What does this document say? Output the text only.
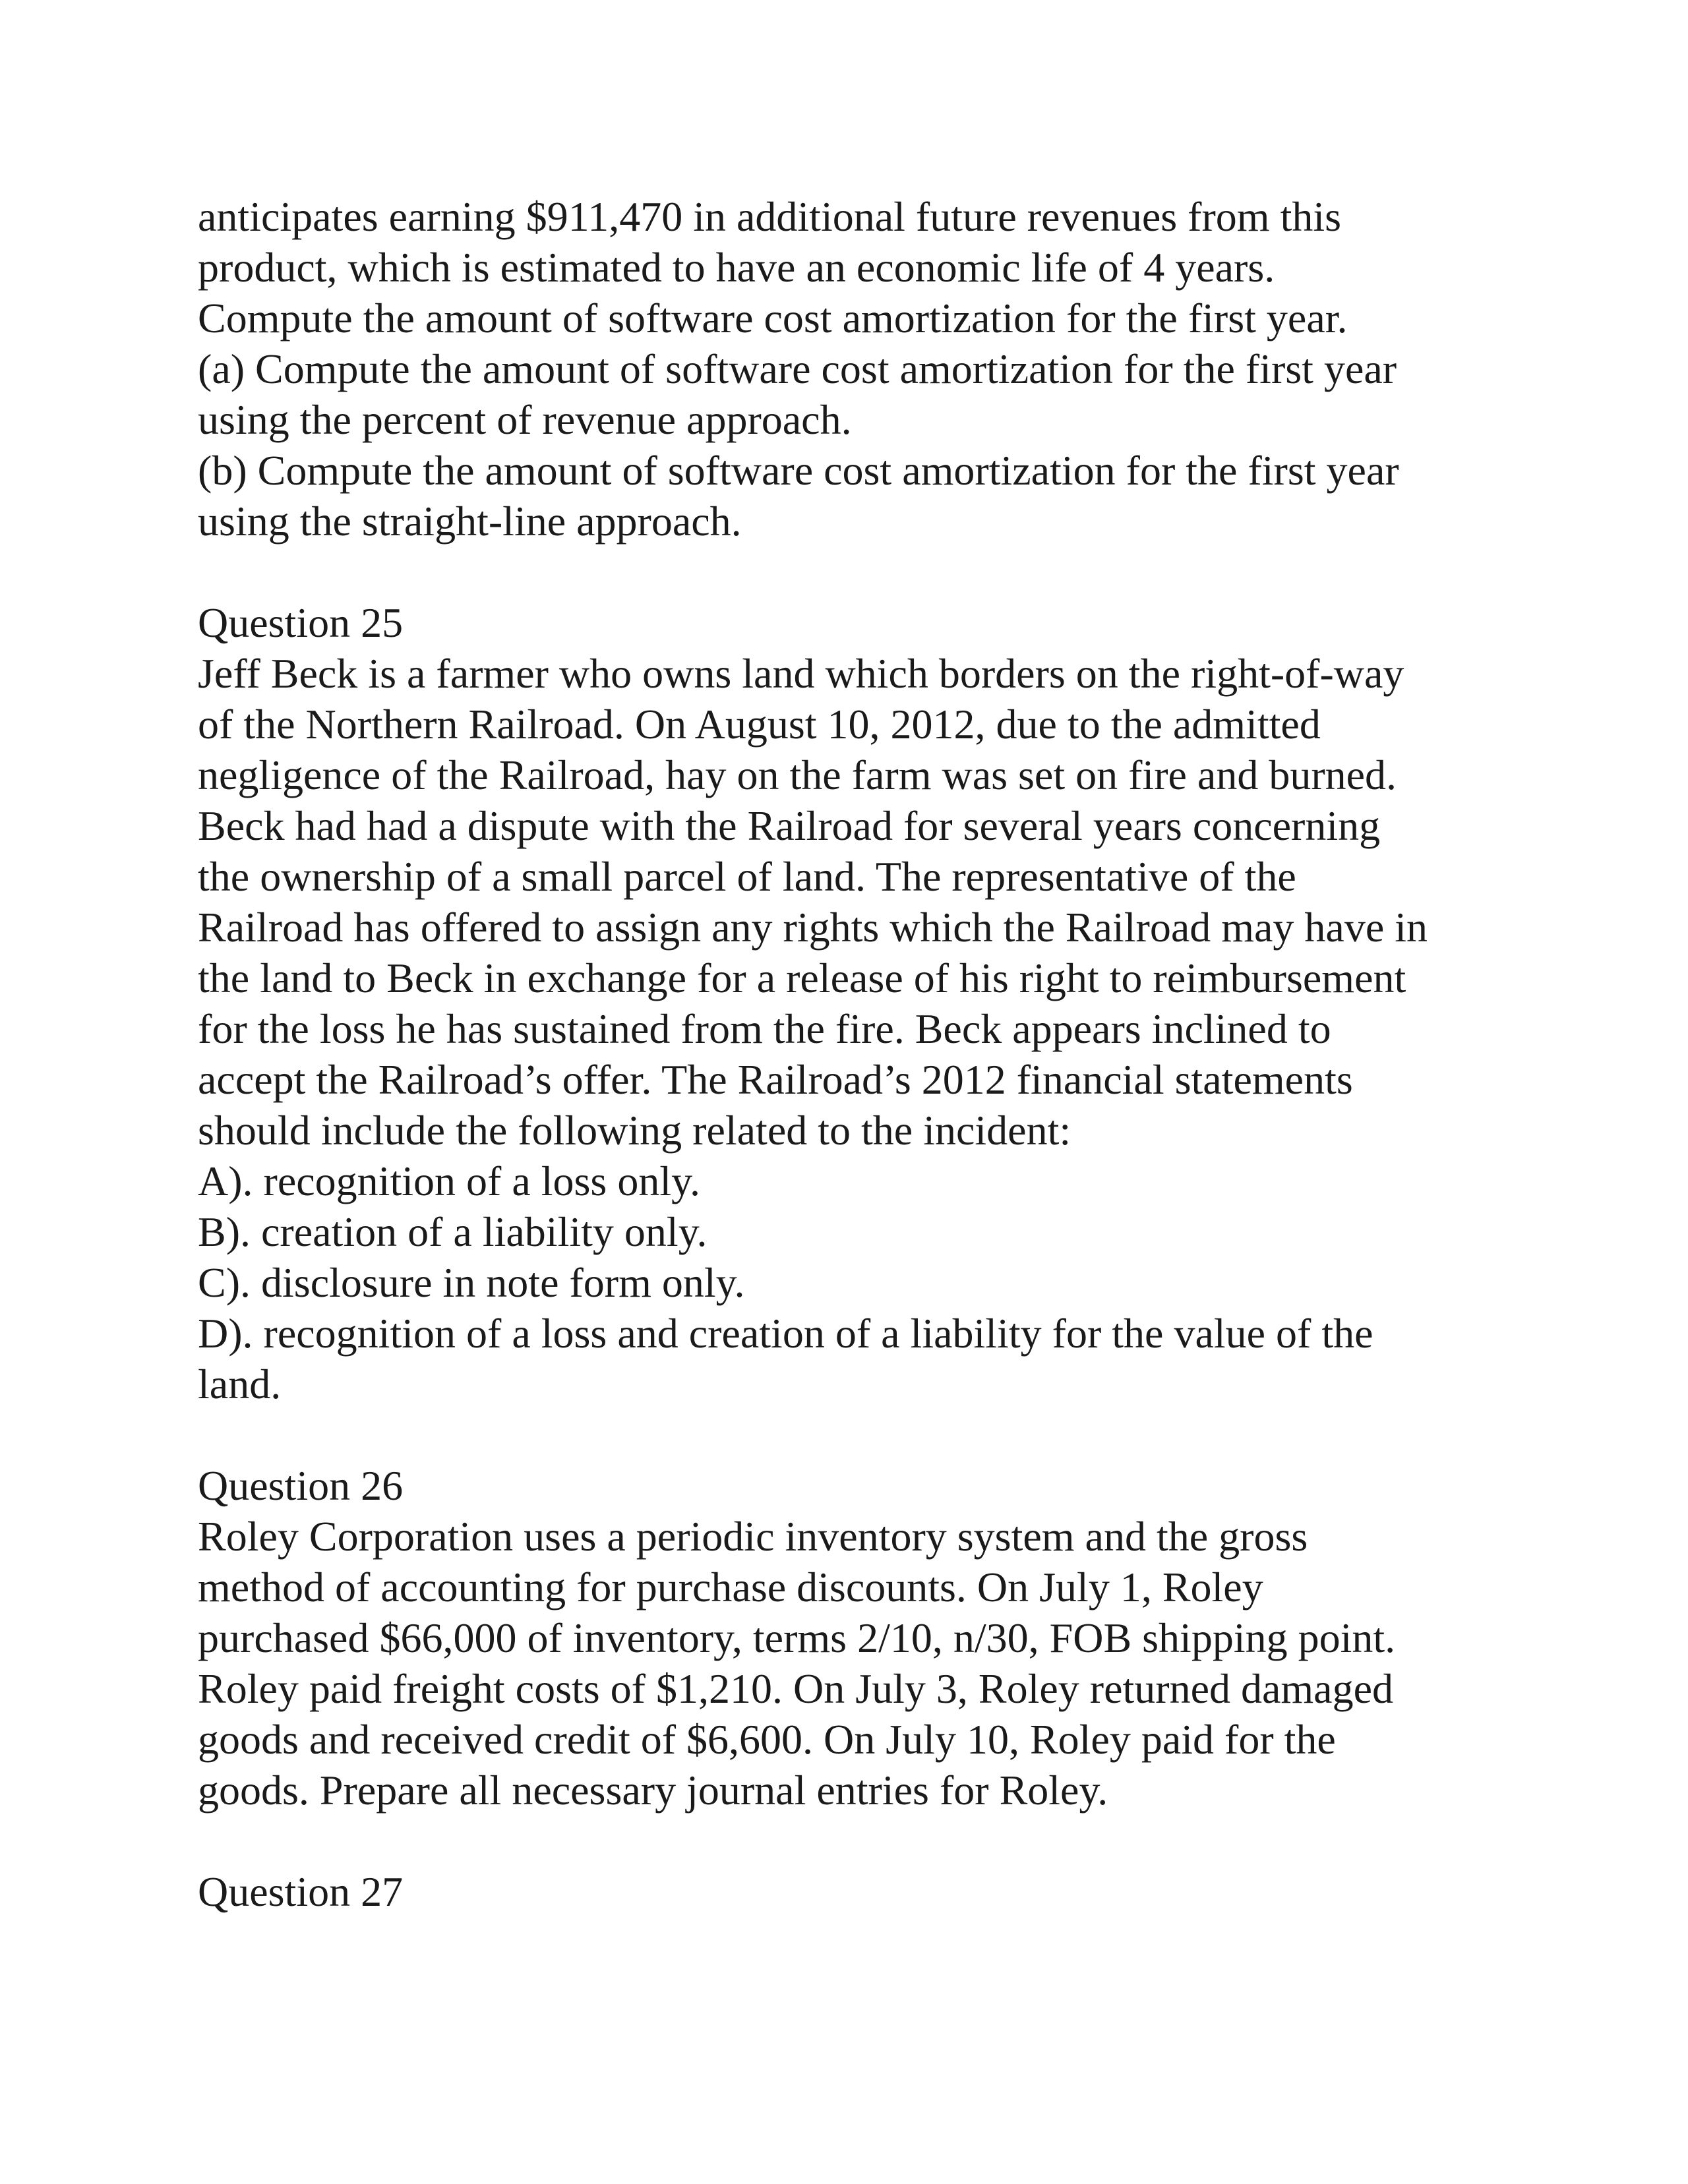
anticipates earning $911,470 in additional future revenues from this
product, which is estimated to have an economic life of 4 years.
Compute the amount of software cost amortization for the first year.
(a) Compute the amount of software cost amortization for the first year
using the percent of revenue approach.
(b) Compute the amount of software cost amortization for the first year
using the straight-line approach.
Question 25
Jeff Beck is a farmer who owns land which borders on the right-of-way
of the Northern Railroad. On August 10, 2012, due to the admitted
negligence of the Railroad, hay on the farm was set on fire and burned.
Beck had had a dispute with the Railroad for several years concerning
the ownership of a small parcel of land. The representative of the
Railroad has offered to assign any rights which the Railroad may have in
the land to Beck in exchange for a release of his right to reimbursement
for the loss he has sustained from the fire. Beck appears inclined to
accept the Railroad’s offer. The Railroad’s 2012 financial statements
should include the following related to the incident:
A). recognition of a loss only.
B). creation of a liability only.
C). disclosure in note form only.
D). recognition of a loss and creation of a liability for the value of the
land.
Question 26
Roley Corporation uses a periodic inventory system and the gross
method of accounting for purchase discounts. On July 1, Roley
purchased $66,000 of inventory, terms 2/10, n/30, FOB shipping point.
Roley paid freight costs of $1,210. On July 3, Roley returned damaged
goods and received credit of $6,600. On July 10, Roley paid for the
goods. Prepare all necessary journal entries for Roley.
Question 27
